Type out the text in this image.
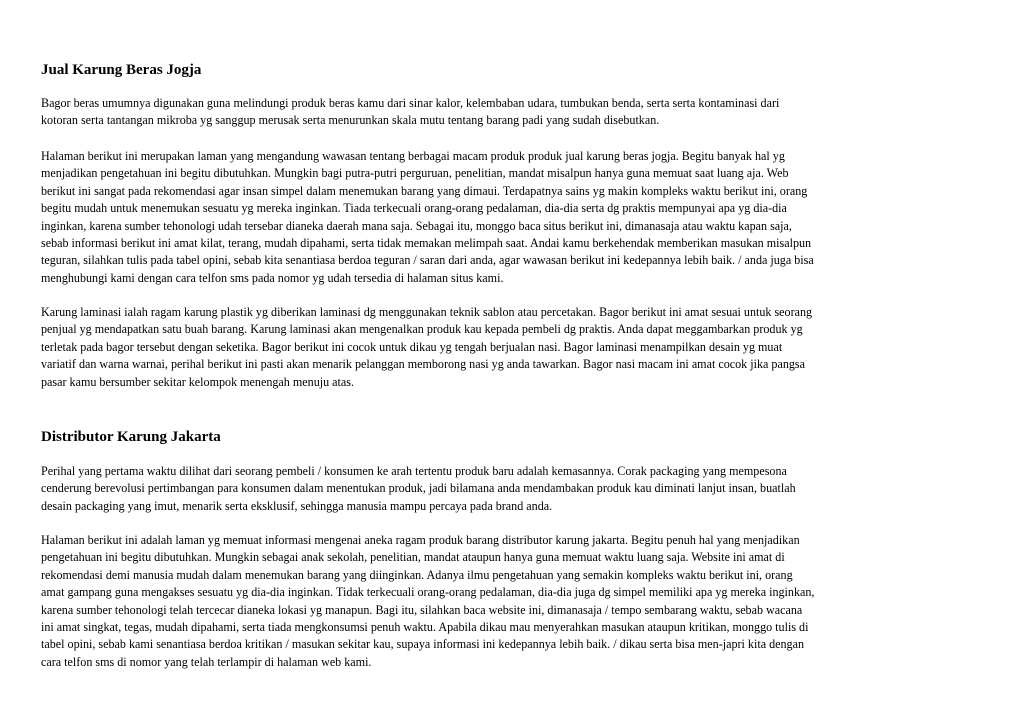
Jual Karung Beras Jogja

Bagor beras umumnya digunakan guna melindungi produk beras kamu dari sinar kalor, kelembaban udara, tumbukan benda, serta serta kontaminasi dari
kotoran serta tantangan mikroba yg sanggup merusak serta menurunkan skala mutu tentang barang padi yang sudah disebutkan.

Halaman berikut ini merupakan laman yang mengandung wawasan tentang berbagai macam produk produk jual karung beras jogja. Begitu banyak hal yg
menjadikan pengetahuan ini begitu dibutuhkan. Mungkin bagi putra-putri perguruan, penelitian, mandat misalpun hanya guna memuat saat luang aja. Web
berikut ini sangat pada rekomendasi agar insan simpel dalam menemukan barang yang dimaui. Terdapatnya sains yg makin kompleks waktu berikut ini, orang
begitu mudah untuk menemukan sesuatu yg mereka inginkan. Tiada terkecuali orang-orang pedalaman, dia-dia serta dg praktis mempunyai apa yg dia-dia
inginkan, karena sumber tehonologi udah tersebar dianeka daerah mana saja. Sebagai itu, monggo baca situs berikut ini, dimanasaja atau waktu kapan saja,
sebab informasi berikut ini amat kilat, terang, mudah dipahami, serta tidak memakan melimpah saat. Andai kamu berkehendak memberikan masukan misalpun
teguran, silahkan tulis pada tabel opini, sebab kita senantiasa berdoa teguran / saran dari anda, agar wawasan berikut ini kedepannya lebih baik. / anda juga bisa
menghubungi kami dengan cara telfon sms pada nomor yg udah tersedia di halaman situs kami.

Karung laminasi ialah ragam karung plastik yg diberikan laminasi dg menggunakan teknik sablon atau percetakan. Bagor berikut ini amat sesuai untuk seorang
penjual yg mendapatkan satu buah barang. Karung laminasi akan mengenalkan produk kau kepada pembeli dg praktis. Anda dapat meggambarkan produk yg
terletak pada bagor tersebut dengan seketika. Bagor berikut ini cocok untuk dikau yg tengah berjualan nasi. Bagor laminasi menampilkan desain yg muat
variatif dan warna warnai, perihal berikut ini pasti akan menarik pelanggan memborong nasi yg anda tawarkan. Bagor nasi macam ini amat cocok jika pangsa
pasar kamu bersumber sekitar kelompok menengah menuju atas.

Distributor Karung Jakarta

Perihal yang pertama waktu dilihat dari seorang pembeli / konsumen ke arah tertentu produk baru adalah kemasannya. Corak packaging yang mempesona
cenderung berevolusi pertimbangan para konsumen dalam menentukan produk, jadi bilamana anda mendambakan produk kau diminati lanjut insan, buatlah
desain packaging yang imut, menarik serta eksklusif, sehingga manusia mampu percaya pada brand anda.

Halaman berikut ini adalah laman yg memuat informasi mengenai aneka ragam produk barang distributor karung jakarta. Begitu penuh hal yang menjadikan
pengetahuan ini begitu dibutuhkan. Mungkin sebagai anak sekolah, penelitian, mandat ataupun hanya guna memuat waktu luang saja. Website ini amat di
rekomendasi demi manusia mudah dalam menemukan barang yang diinginkan. Adanya ilmu pengetahuan yang semakin kompleks waktu berikut ini, orang
amat gampang guna mengakses sesuatu yg dia-dia inginkan. Tidak terkecuali orang-orang pedalaman, dia-dia juga dg simpel memiliki apa yg mereka inginkan,
karena sumber tehonologi telah tercecar dianeka lokasi yg manapun. Bagi itu, silahkan baca website ini, dimanasaja / tempo sembarang waktu, sebab wacana
ini amat singkat, tegas, mudah dipahami, serta tiada mengkonsumsi penuh waktu. Apabila dikau mau menyerahkan masukan ataupun kritikan, monggo tulis di
tabel opini, sebab kami senantiasa berdoa kritikan / masukan sekitar kau, supaya informasi ini kedepannya lebih baik. / dikau serta bisa men-japri kita dengan
cara telfon sms di nomor yang telah terlampir di halaman web kami.
